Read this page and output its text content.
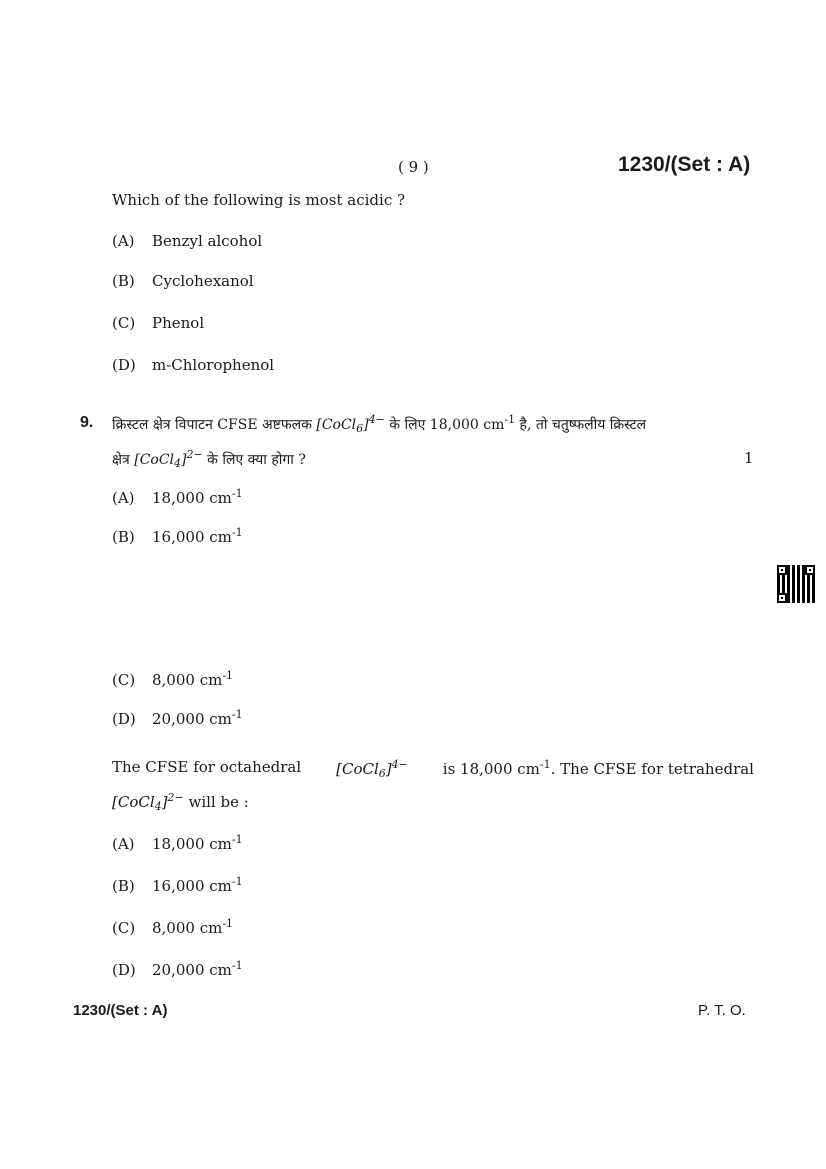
( 9 )	1230/(Set : A)
Which of the following is most acidic ?
(A) Benzyl alcohol
(B) Cyclohexanol
(C) Phenol
(D) m-Chlorophenol
9. क्रिस्टल क्षेत्र विपाटन CFSE अष्टफलक [CoCl$_6$]$^{4-}$ के लिए 18,000 $cm^{-1}$ है, तो चतुष्फलीय क्रिस्टल
क्षेत्र [CoCl$_4$]$^{2-}$ के लिए क्या होगा ?	1
(A) 18,000 $cm^{-1}$
(B) 16,000 $cm^{-1}$
(C) 8,000 $cm^{-1}$
(D) 20,000 $cm^{-1}$
The CFSE for octahedral [CoCl$_6$]$^{4-}$ is 18,000 $cm^{-1}$. The CFSE for tetrahedral
[CoCl$_4$]$^{2-}$ will be :
(A) 18,000 $cm^{-1}$
(B) 16,000 $cm^{-1}$
(C) 8,000 $cm^{-1}$
(D) 20,000 $cm^{-1}$
1230/(Set : A)	P. T. O.
